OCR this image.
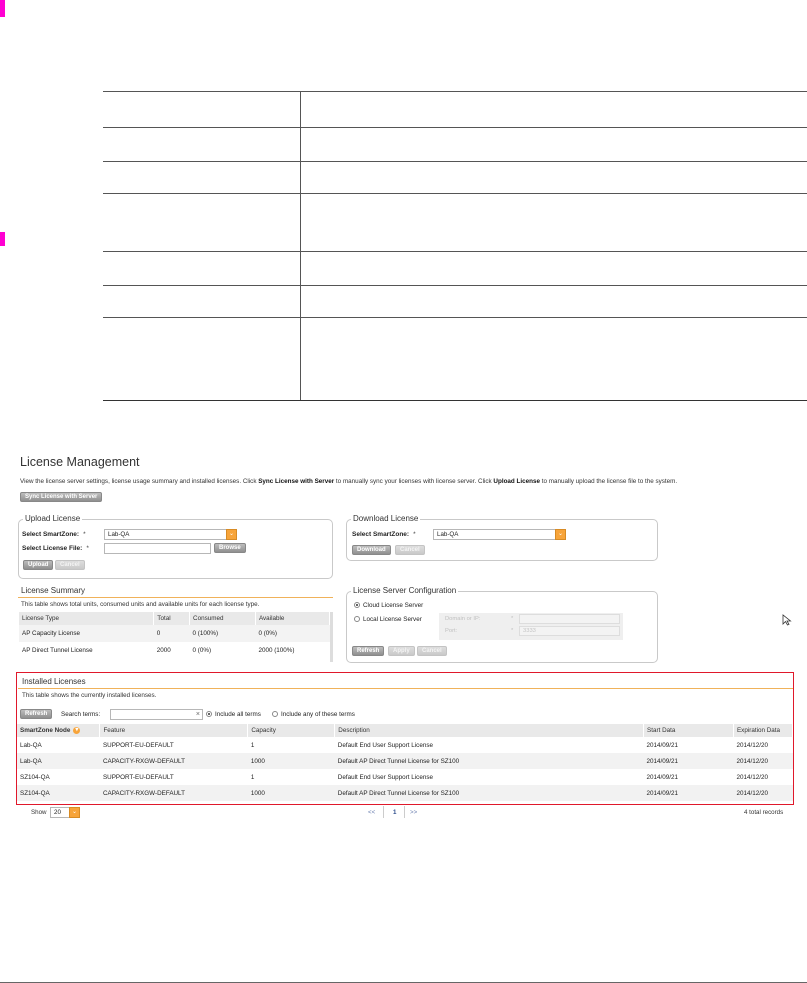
License Management
View the license server settings, license usage summary and installed licenses. Click Sync License with Server to manually sync your licenses with license server. Click Upload License to manually upload the license file to the system.
Sync License with Server
Upload License
Select SmartZone: *	Lab-QA	⌄
Select License File: *	Browse
Upload	Cancel
Download License
Select SmartZone: *	Lab-QA	⌄
Download	Cancel
License Summary
This table shows total units, consumed units and available units for each license type.
License Type	Total	Consumed	Available
AP Capacity License	0	0 (100%)	0 (0%)
AP Direct Tunnel License	2000	0 (0%)	2000 (100%)
License Server Configuration
Cloud License Server
Local License Server	Domain or IP:	*
Port:	*	3333
Refresh	Apply	Cancel
Installed Licenses
This table shows the currently installed licenses.
Refresh	Search terms:	×	Include all terms	Include any of these terms
SmartZone Node ▾	Feature	Capacity	Description	Start Data	Expiration Data
Lab-QA	SUPPORT-EU-DEFAULT	1	Default End User Support License	2014/09/21	2014/12/20
Lab-QA	CAPACITY-RXGW-DEFAULT	1000	Default AP Direct Tunnel License for SZ100	2014/09/21	2014/12/20
SZ104-QA	SUPPORT-EU-DEFAULT	1	Default End User Support License	2014/09/21	2014/12/20
SZ104-QA	CAPACITY-RXGW-DEFAULT	1000	Default AP Direct Tunnel License for SZ100	2014/09/21	2014/12/20
Show	20	⌄	<<	1 >>	4 total records
